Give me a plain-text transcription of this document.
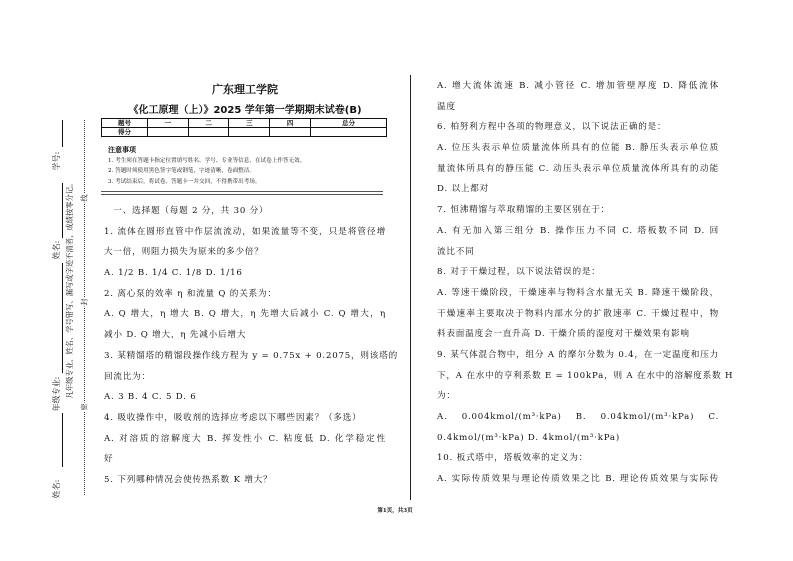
学号:
姓名:
年级专业:
姓名:
凡年级专业、姓名、学号错写、漏写或字迹不清者，成绩按零分记。 线
封
密
广东理工学院
《化工原理（上）》2025 学年第一学期期末试卷(B)
题号	一	二	三	四	总分
得分					
注意事项
1. 考生须在答题卡指定位置填写姓名、学号、专业等信息，在试卷上作答无效。
2. 答题时须使用黑色签字笔或钢笔，字迹清晰，卷面整洁。
3. 考试结束后，将试卷、答题卡一并交回，不得携带出考场。
　一、选择题（每题 2 分，共 30 分）
1. 流体在圆形直管中作层流流动，如果流量等不变，只是将管径增
大一倍，则阻力损失为原来的多少倍？
A. 1/2 B. 1/4 C. 1/8 D. 1/16
2. 离心泵的效率 η 和流量 Q 的关系为：
A. Q 增大，η 增大 B. Q 增大，η 先增大后减小 C. Q 增大，η
减小 D. Q 增大，η 先减小后增大
3. 某精馏塔的精馏段操作线方程为 y = 0.75x + 0.2075，则该塔的
回流比为：
A. 3 B. 4 C. 5 D. 6
4. 吸收操作中，吸收剂的选择应考虑以下哪些因素？（多选）
A. 对溶质的溶解度大 B. 挥发性小 C. 粘度低 D. 化学稳定性
好
5. 下列哪种情况会使传热系数 K 增大？
A. 增大流体流速 B. 减小管径 C. 增加管壁厚度 D. 降低流体
温度
6. 柏努利方程中各项的物理意义，以下说法正确的是：
A. 位压头表示单位质量流体所具有的位能 B. 静压头表示单位质
量流体所具有的静压能 C. 动压头表示单位质量流体所具有的动能
D. 以上都对
7. 恒沸精馏与萃取精馏的主要区别在于：
A. 有无加入第三组分 B. 操作压力不同 C. 塔板数不同 D. 回
流比不同
8. 对于干燥过程，以下说法错误的是：
A. 等速干燥阶段，干燥速率与物料含水量无关 B. 降速干燥阶段，
干燥速率主要取决于物料内部水分的扩散速率 C. 干燥过程中，物
料表面温度会一直升高 D. 干燥介质的湿度对干燥效果有影响
9. 某气体混合物中，组分 A 的摩尔分数为 0.4，在一定温度和压力
下，A 在水中的亨利系数 E = 100kPa，则 A 在水中的溶解度系数 H
为：
A. 0.004kmol/(m³·kPa) B. 0.04kmol/(m³·kPa) C.
0.4kmol/(m³·kPa) D. 4kmol/(m³·kPa)
10. 板式塔中，塔板效率的定义为：
A. 实际传质效果与理论传质效果之比 B. 理论传质效果与实际传
第1页，共3页
